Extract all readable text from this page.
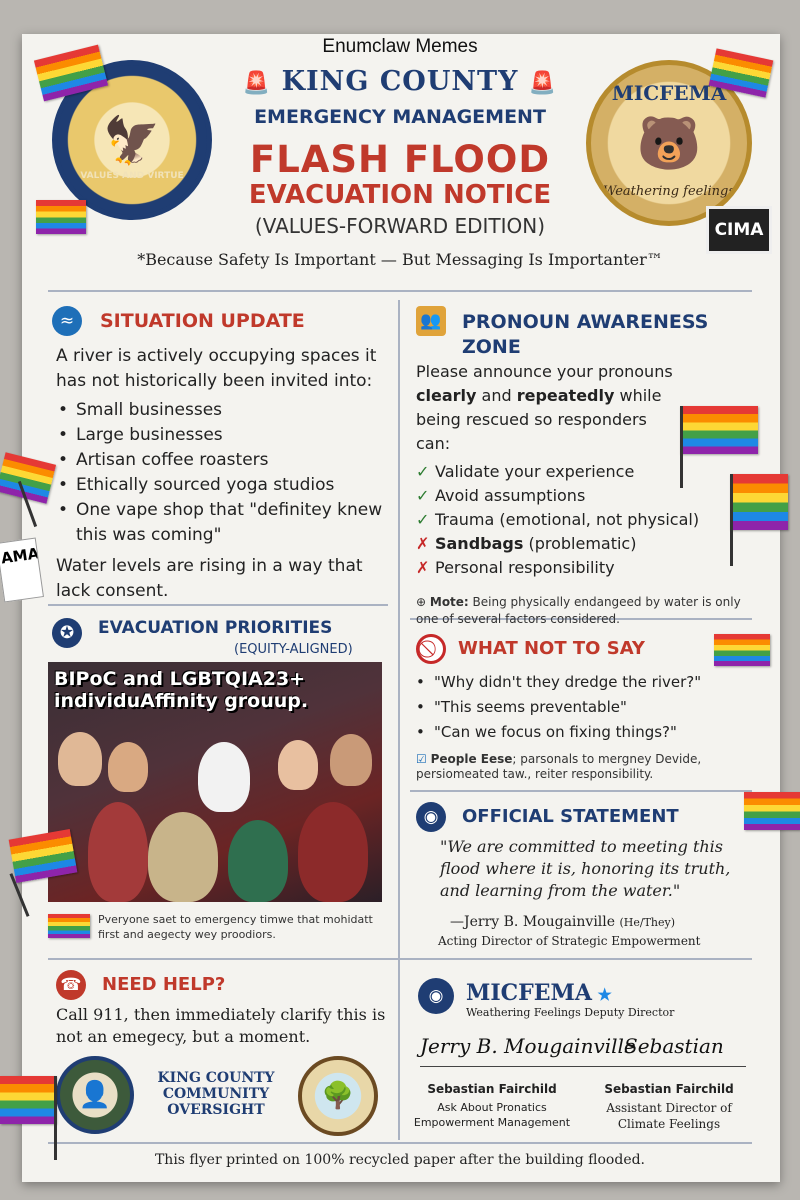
Enumclaw Memes
🦅
VALUES AND VIRTUE
MICFEMA
🐻
Weathering feelings
🚨 KING COUNTY 🚨
EMERGENCY MANAGEMENT
FLASH FLOOD
EVACUATION NOTICE
(VALUES-FORWARD EDITION)
*Because Safety Is Important — But Messaging Is Importanter™
CIMA
≈	SITUATION UPDATE

A river is actively occupying spaces it has not historically been invited into:

• Small businesses
• Large businesses
• Artisan coffee roasters
• Ethically sourced yoga studios
• One vape shop that "definitey knew this was coming"

Water levels are rising in a way that lack consent.

👥 PRONOUN AWARENESS
ZONE

Please announce your pronouns clearly and repeatedly while being rescued so responders can:

✓ Validate your experience
✓ Avoid assumptions
✓ Trauma (emotional, not physical)
✗ Sandbags (problematic)
✗ Personal responsibility

⊕ Mote: Being physically endangeed by water is only one of several factors considered.

✪	EVACUATION PRIORITIES
(EQUITY-ALIGNED)
BIPoC and LGBTQIA23+ individuAffinity grouup.
Pveryone saet to emergency timwe that mohidatt first and aegecty wey proodiors.
WHAT NOT TO SAY
• "Why didn't they dredge the river?"
• "This seems preventable"
• "Can we focus on fixing things?"

☑ People Eese; parsonals to mergney Devide, persiomeated taw., reiter responsibility.

◉	OFFICIAL STATEMENT

"We are committed to meeting this flood where it is, honoring its truth, and learning from the water."

—Jerry B. Mougainville (He/They)
Acting Director of Strategic Empowerment
☎ NEED HELP?

Call 911, then immediately clarify this is not an emegecy, but a moment.

👤
KING COUNTY
COMMUNITY
OVERSIGHT	🌳
◉	MICFEMA ★
Weathering Feelings Deputy Director
Jerry B. Mougainville
Sebastian
Sebastian Fairchild
Ask About Pronatics
Empowerment Management
Sebastian Fairchild
Assistant Director of
Climate Feelings
This flyer printed on 100% recycled paper after the building flooded.
AMA
